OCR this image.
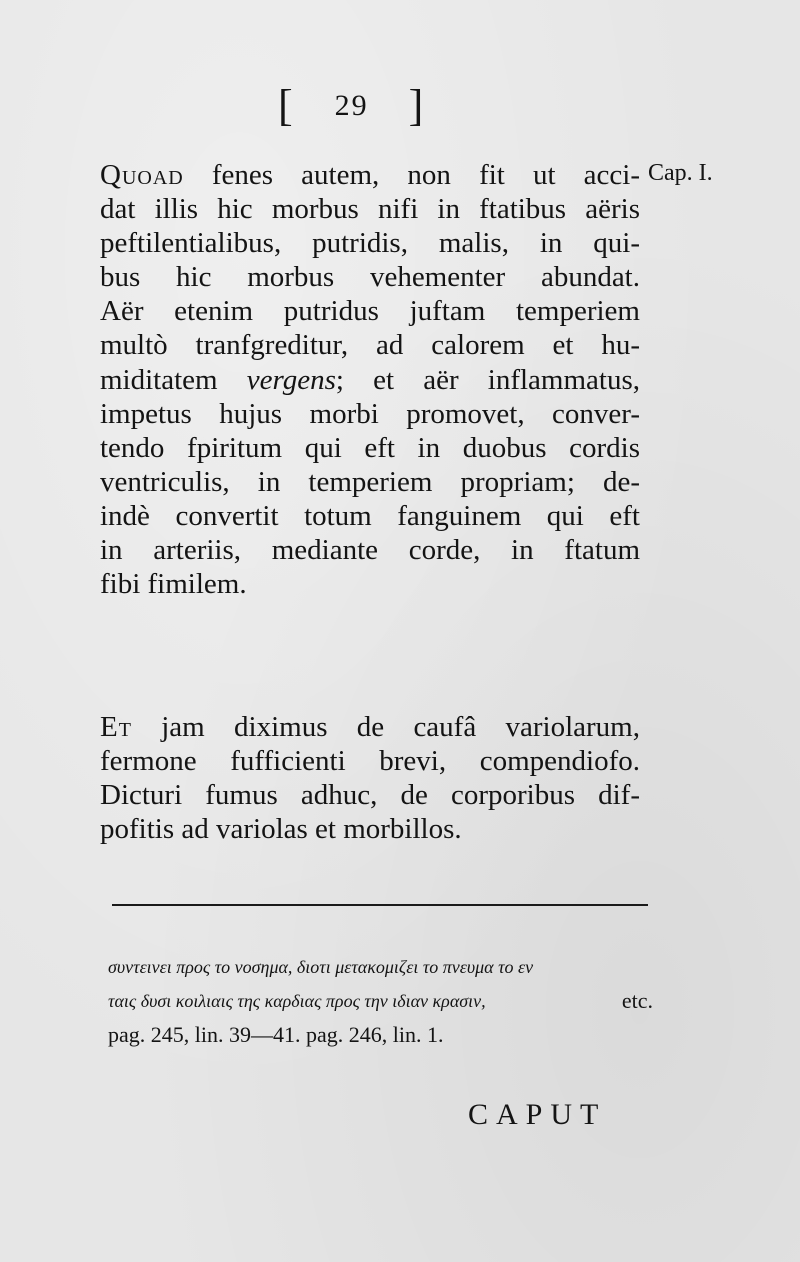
[ 29 ]
Cap. I.
Quoad fenes autem, non fit ut acci-
dat illis hic morbus nifi in ftatibus aëris
peftilentialibus, putridis, malis, in qui-
bus hic morbus vehementer abundat.
Aër etenim putridus juftam temperiem
multò tranfgreditur, ad calorem et hu-
miditatem vergens; et aër inflammatus,
impetus hujus morbi promovet, conver-
tendo fpiritum qui eft in duobus cordis
ventriculis, in temperiem propriam; de-
indè convertit totum fanguinem qui eft
in arteriis, mediante corde, in ftatum
fibi fimilem.
Et jam diximus de caufâ variolarum,
fermone fufficienti brevi, compendiofo.
Dicturi fumus adhuc, de corporibus dif-
pofitis ad variolas et morbillos.
συντεινει προς το νοσημα, διοτι μετακομιζει το πνευμα το εν
ταις δυσι κοιλιαις της καρδιας προς την ιδιαν κρασιν,	etc.
pag. 245, lin. 39—41. pag. 246, lin. 1.
CAPUT
